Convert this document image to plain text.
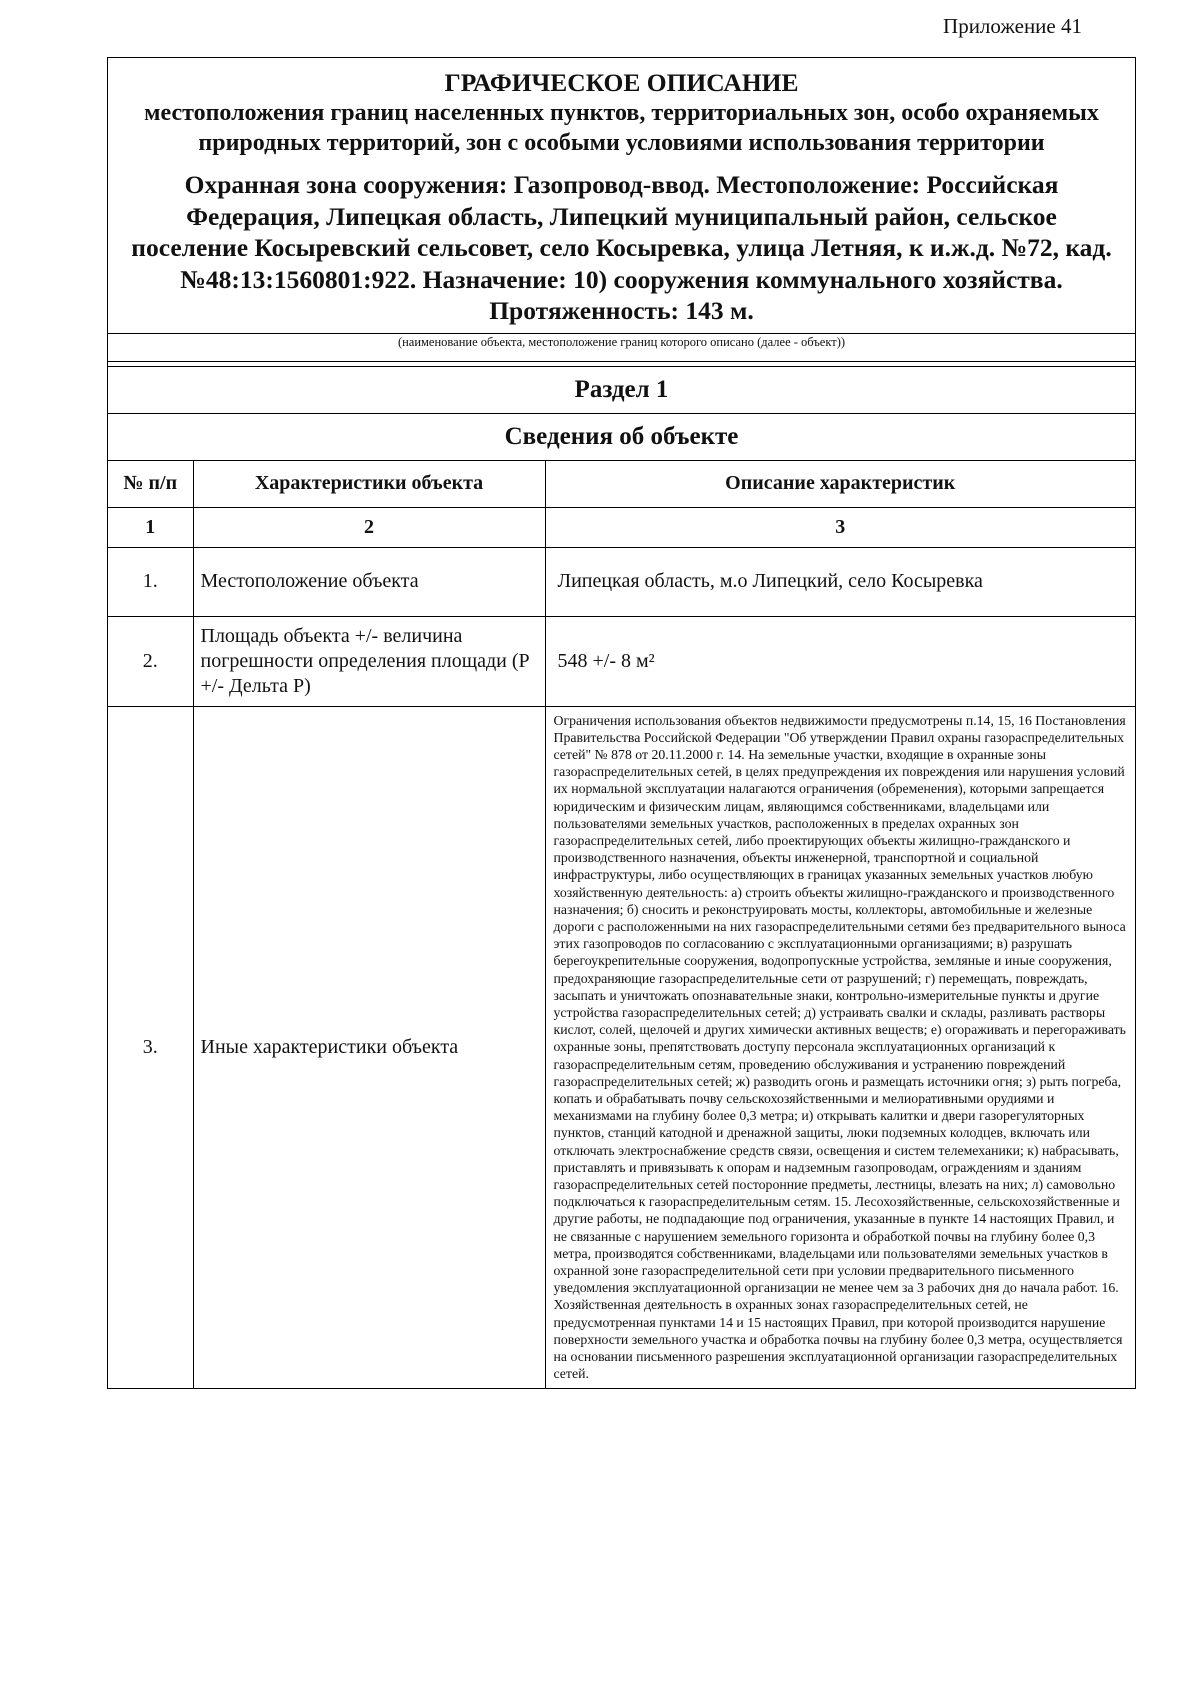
Приложение 41
ГРАФИЧЕСКОЕ ОПИСАНИЕ
местоположения границ населенных пунктов, территориальных зон, особо охраняемых природных территорий, зон с особыми условиями использования территории
Охранная зона сооружения: Газопровод-ввод. Местоположение: Российская Федерация, Липецкая область, Липецкий муниципальный район, сельское поселение Косыревский сельсовет, село Косыревка, улица Летняя, к и.ж.д. №72, кад. №48:13:1560801:922. Назначение: 10) сооружения коммунального хозяйства. Протяженность: 143 м.
(наименование объекта, местоположение границ которого описано (далее - объект))
Раздел 1
Сведения об объекте
№ п/п	Характеристики объекта	Описание характеристик
1	2	3
1.	Местоположение объекта	Липецкая область, м.о Липецкий, село Косыревка
2.	Площадь объекта +/- величина погрешности определения площади (Р +/- Дельта Р)	548 +/- 8 м²
3.	Иные характеристики объекта	Ограничения использования объектов недвижимости предусмотрены п.14, 15, 16 Постановления Правительства Российской Федерации "Об утверждении Правил охраны газораспределительных сетей" № 878 от 20.11.2000 г. 14. На земельные участки, входящие в охранные зоны газораспределительных сетей, в целях предупреждения их повреждения или нарушения условий их нормальной эксплуатации налагаются ограничения (обременения), которыми запрещается юридическим и физическим лицам, являющимся собственниками, владельцами или пользователями земельных участков, расположенных в пределах охранных зон газораспределительных сетей, либо проектирующих объекты жилищно-гражданского и производственного назначения, объекты инженерной, транспортной и социальной инфраструктуры, либо осуществляющих в границах указанных земельных участков любую хозяйственную деятельность: а) строить объекты жилищно-гражданского и производственного назначения; б) сносить и реконструировать мосты, коллекторы, автомобильные и железные дороги с расположенными на них газораспределительными сетями без предварительного выноса этих газопроводов по согласованию с эксплуатационными организациями; в) разрушать берегоукрепительные сооружения, водопропускные устройства, земляные и иные сооружения, предохраняющие газораспределительные сети от разрушений; г) перемещать, повреждать, засыпать и уничтожать опознавательные знаки, контрольно-измерительные пункты и другие устройства газораспределительных сетей; д) устраивать свалки и склады, разливать растворы кислот, солей, щелочей и других химически активных веществ; е) огораживать и перегораживать охранные зоны, препятствовать доступу персонала эксплуатационных организаций к газораспределительным сетям, проведению обслуживания и устранению повреждений газораспределительных сетей; ж) разводить огонь и размещать источники огня; з) рыть погреба, копать и обрабатывать почву сельскохозяйственными и мелиоративными орудиями и механизмами на глубину более 0,3 метра; и) открывать калитки и двери газорегуляторных пунктов, станций катодной и дренажной защиты, люки подземных колодцев, включать или отключать электроснабжение средств связи, освещения и систем телемеханики; к) набрасывать, приставлять и привязывать к опорам и надземным газопроводам, ограждениям и зданиям газораспределительных сетей посторонние предметы, лестницы, влезать на них; л) самовольно подключаться к газораспределительным сетям. 15. Лесохозяйственные, сельскохозяйственные и другие работы, не подпадающие под ограничения, указанные в пункте 14 настоящих Правил, и не связанные с нарушением земельного горизонта и обработкой почвы на глубину более 0,3 метра, производятся собственниками, владельцами или пользователями земельных участков в охранной зоне газораспределительной сети при условии предварительного письменного уведомления эксплуатационной организации не менее чем за 3 рабочих дня до начала работ. 16. Хозяйственная деятельность в охранных зонах газораспределительных сетей, не предусмотренная пунктами 14 и 15 настоящих Правил, при которой производится нарушение поверхности земельного участка и обработка почвы на глубину более 0,3 метра, осуществляется на основании письменного разрешения эксплуатационной организации газораспределительных сетей.
